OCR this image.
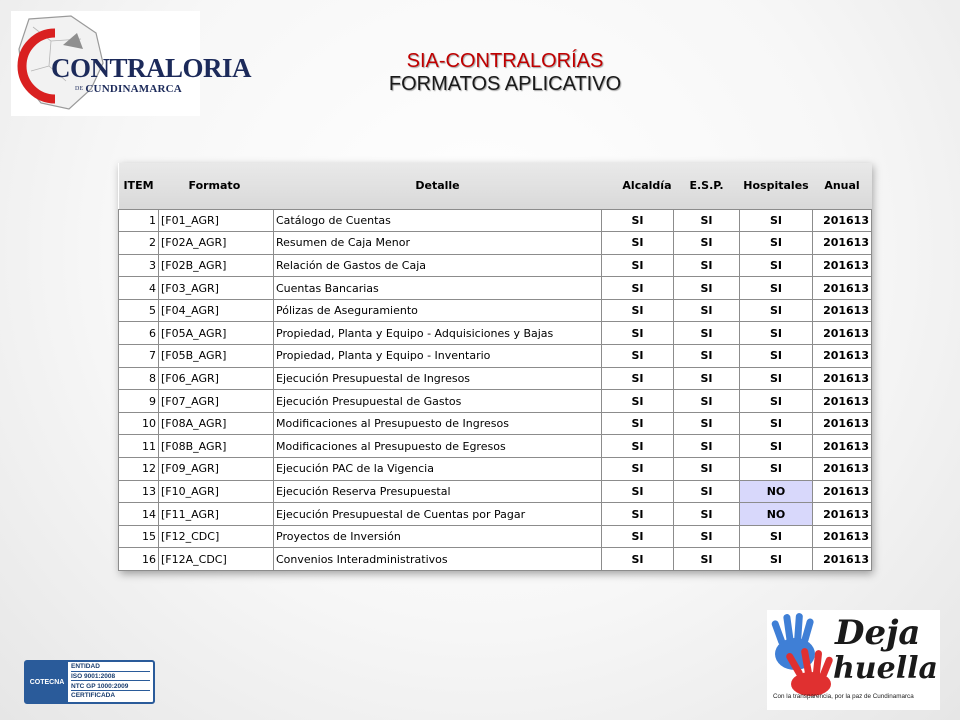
CONTRALORIA
DE CUNDINAMARCA
SIA-CONTRALORÍAS
FORMATOS APLICATIVO
ITEM	Formato	Detalle	Alcaldía	E.S.P.	Hospitales	Anual
1	[F01_AGR]	Catálogo de Cuentas	SI	SI	SI	201613
2	[F02A_AGR]	Resumen de Caja Menor	SI	SI	SI	201613
3	[F02B_AGR]	Relación de Gastos de Caja	SI	SI	SI	201613
4	[F03_AGR]	Cuentas Bancarias	SI	SI	SI	201613
5	[F04_AGR]	Pólizas de Aseguramiento	SI	SI	SI	201613
6	[F05A_AGR]	Propiedad, Planta y Equipo - Adquisiciones y Bajas	SI	SI	SI	201613
7	[F05B_AGR]	Propiedad, Planta y Equipo - Inventario	SI	SI	SI	201613
8	[F06_AGR]	Ejecución Presupuestal de Ingresos	SI	SI	SI	201613
9	[F07_AGR]	Ejecución Presupuestal de Gastos	SI	SI	SI	201613
10	[F08A_AGR]	Modificaciones al Presupuesto de Ingresos	SI	SI	SI	201613
11	[F08B_AGR]	Modificaciones al Presupuesto de Egresos	SI	SI	SI	201613
12	[F09_AGR]	Ejecución PAC de la Vigencia	SI	SI	SI	201613
13	[F10_AGR]	Ejecución Reserva Presupuestal	SI	SI	NO	201613
14	[F11_AGR]	Ejecución Presupuestal de Cuentas por Pagar	SI	SI	NO	201613
15	[F12_CDC]	Proyectos de Inversión	SI	SI	SI	201613
16	[F12A_CDC]	Convenios Interadministrativos	SI	SI	SI	201613
COTECNA
ENTIDAD
ISO 9001:2008
NTC GP 1000:2009
CERTIFICADA
Deja
huella
Con la transparencia, por la paz de Cundinamarca
